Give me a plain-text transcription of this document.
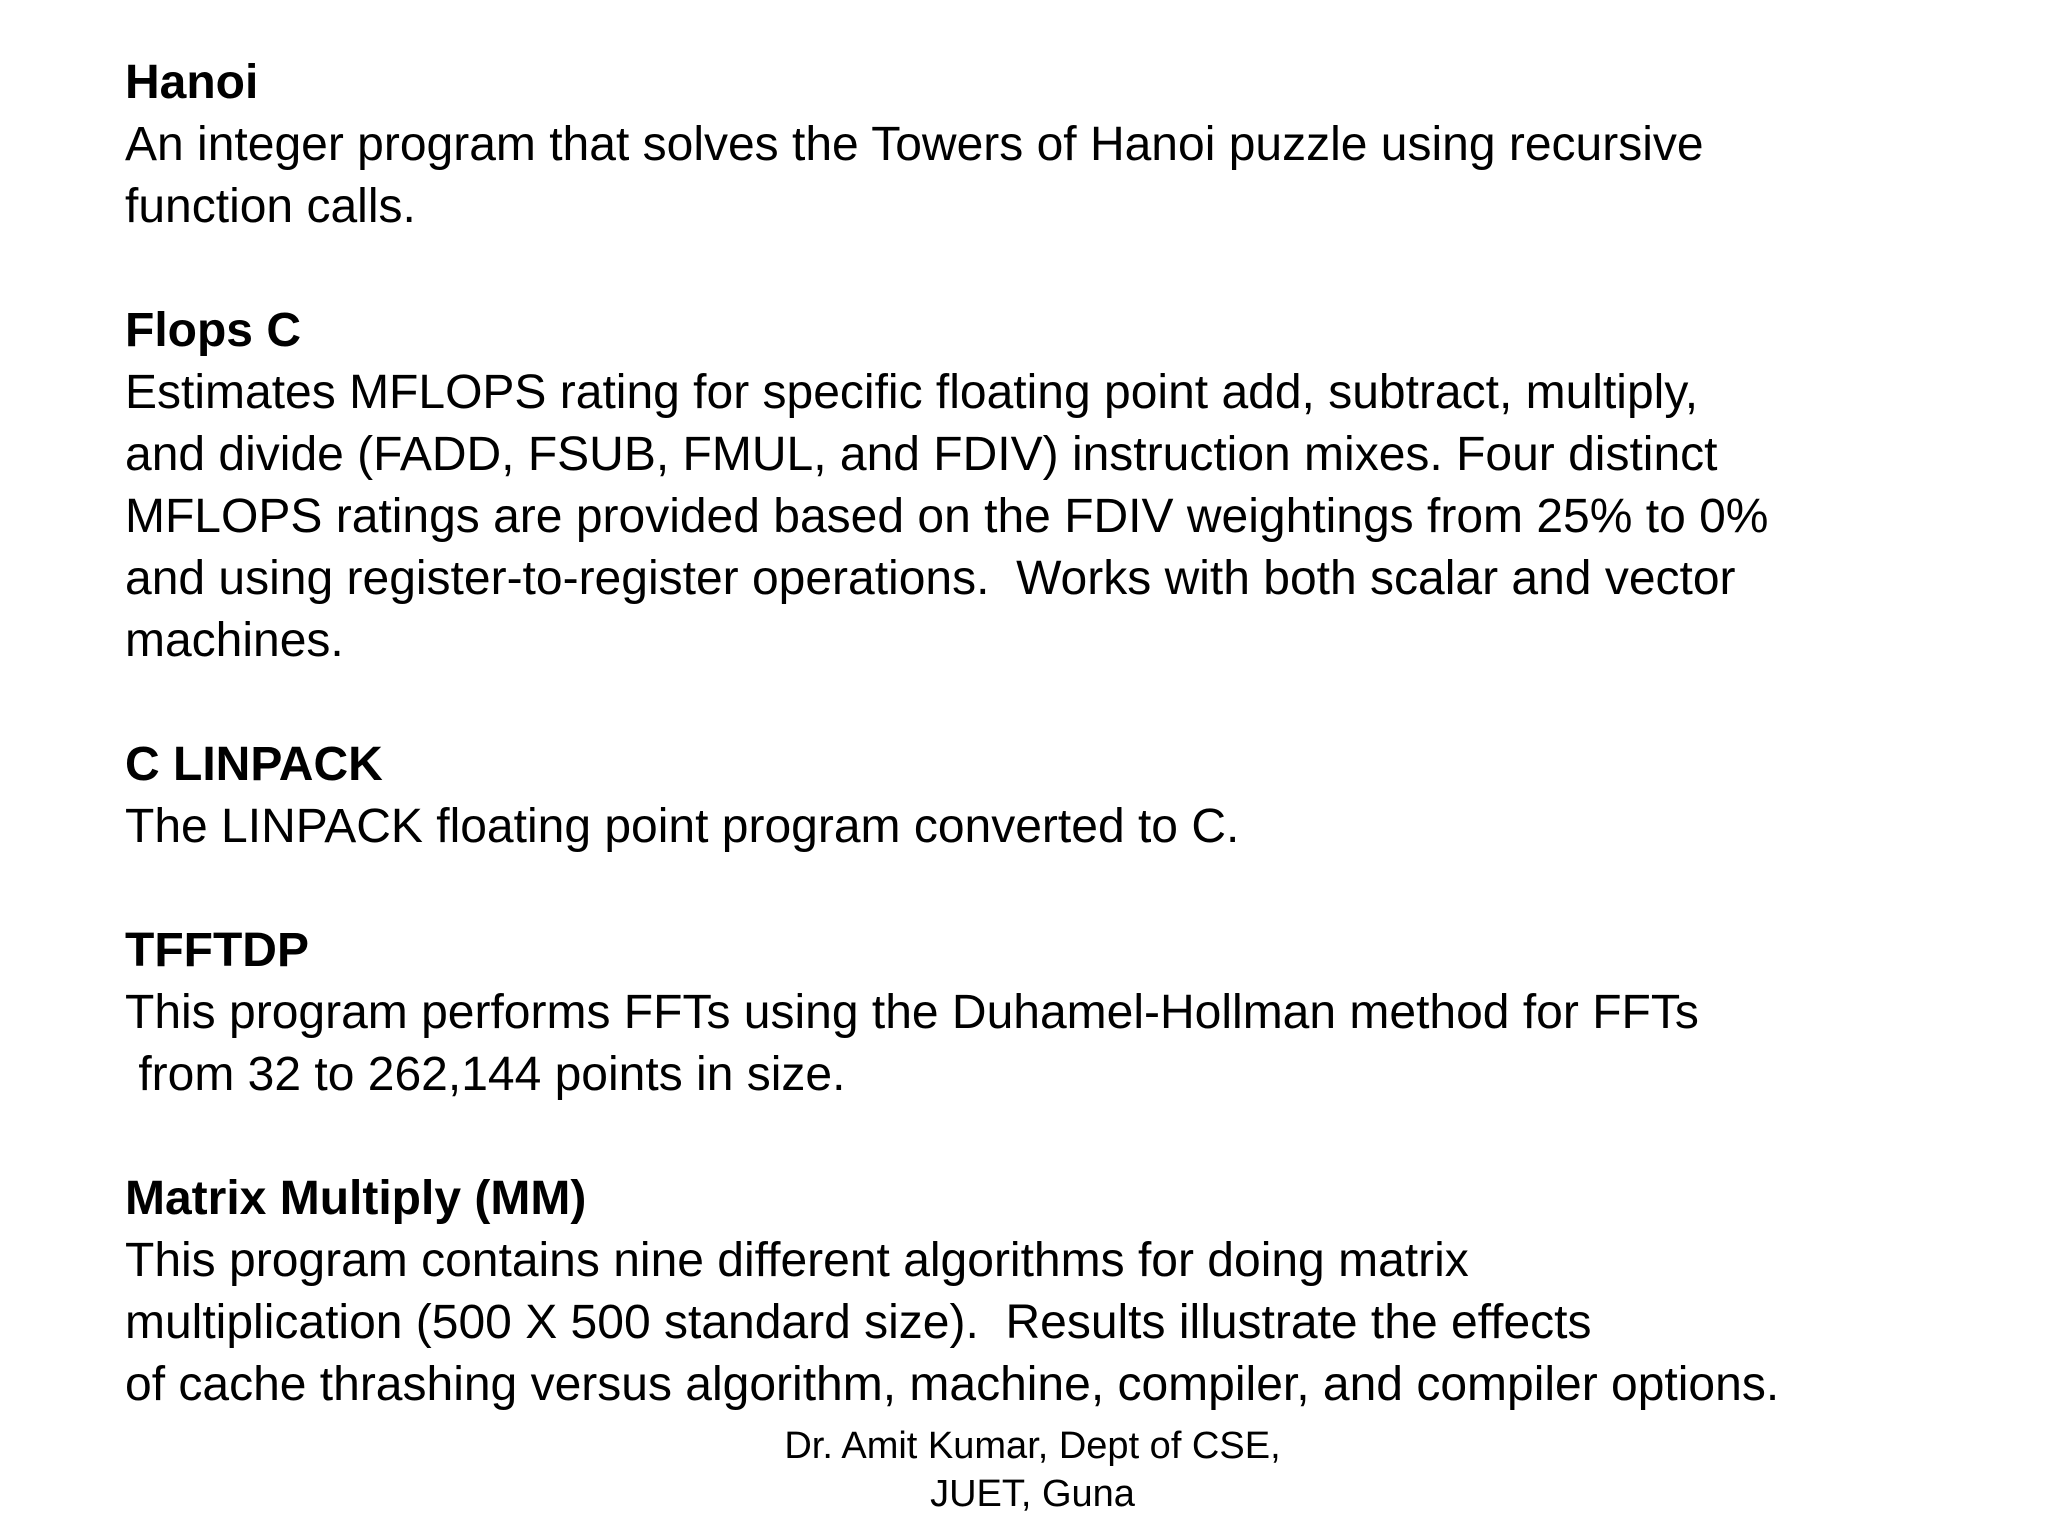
Hanoi
An integer program that solves the Towers of Hanoi puzzle using recursive
function calls.
Flops C
Estimates MFLOPS rating for specific floating point add, subtract, multiply,
and divide (FADD, FSUB, FMUL, and FDIV) instruction mixes. Four distinct
MFLOPS ratings are provided based on the FDIV weightings from 25% to 0%
and using register-to-register operations.  Works with both scalar and vector
machines.
C LINPACK
The LINPACK floating point program converted to C.
TFFTDP
This program performs FFTs using the Duhamel-Hollman method for FFTs
from 32 to 262,144 points in size.
Matrix Multiply (MM)
This program contains nine different algorithms for doing matrix
multiplication (500 X 500 standard size).  Results illustrate the effects
of cache thrashing versus algorithm, machine, compiler, and compiler options.
Dr. Amit Kumar, Dept of CSE,
JUET, Guna
